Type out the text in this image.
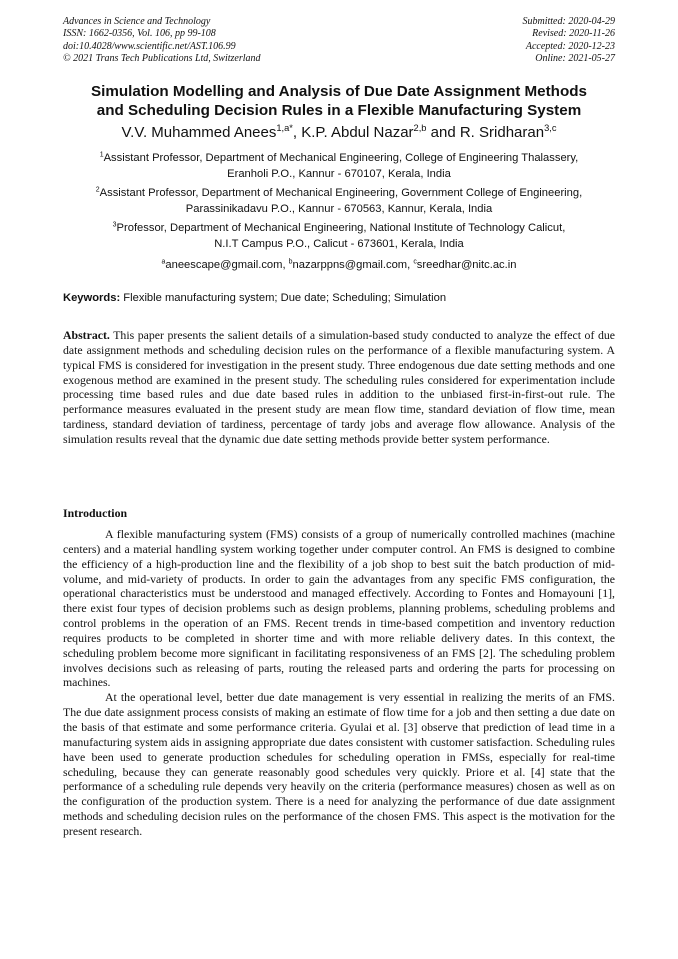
Advances in Science and Technology
ISSN: 1662-0356, Vol. 106, pp 99-108
doi:10.4028/www.scientific.net/AST.106.99
© 2021 Trans Tech Publications Ltd, Switzerland
Submitted: 2020-04-29
Revised: 2020-11-26
Accepted: 2020-12-23
Online: 2021-05-27
Simulation Modelling and Analysis of Due Date Assignment Methods
and Scheduling Decision Rules in a Flexible Manufacturing System
V.V. Muhammed Anees$^{1,a*}$, K.P. Abdul Nazar$^{2,b}$ and R. Sridharan$^{3,c}$
$^1$Assistant Professor, Department of Mechanical Engineering, College of Engineering Thalassery,
Eranholi P.O., Kannur - 670107, Kerala, India
$^2$Assistant Professor, Department of Mechanical Engineering, Government College of Engineering,
Parassinikadavu P.O., Kannur - 670563, Kannur, Kerala, India
$^3$Professor, Department of Mechanical Engineering, National Institute of Technology Calicut,
N.I.T Campus P.O., Calicut - 673601, Kerala, India
$^a$aneescape@gmail.com, $^b$nazarppns@gmail.com, $^c$sreedhar@nitc.ac.in
Keywords: Flexible manufacturing system; Due date; Scheduling; Simulation
Abstract. This paper presents the salient details of a simulation-based study conducted to analyze the effect of due date assignment methods and scheduling decision rules on the performance of a flexible manufacturing system. A typical FMS is considered for investigation in the present study. Three endogenous due date setting methods and one exogenous method are examined in the present study. The scheduling rules considered for experimentation include processing time based rules and due date based rules in addition to the unbiased first-in-first-out rule. The performance measures evaluated in the present study are mean flow time, standard deviation of flow time, mean tardiness, standard deviation of tardiness, percentage of tardy jobs and average flow allowance. Analysis of the simulation results reveal that the dynamic due date setting methods provide better system performance.
Introduction

A flexible manufacturing system (FMS) consists of a group of numerically controlled machines (machine centers) and a material handling system working together under computer control. An FMS is designed to combine the efficiency of a high-production line and the flexibility of a job shop to best suit the batch production of mid-volume, and mid-variety of products. In order to gain the advantages from any specific FMS configuration, the operational characteristics must be understood and managed effectively. According to Fontes and Homayouni [1], there exist four types of decision problems such as design problems, planning problems, scheduling problems and control problems in the operation of an FMS. Recent trends in time-based competition and inventory reduction requires products to be completed in shorter time and with more reliable delivery dates. In this context, the scheduling problem become more significant in facilitating responsiveness of an FMS [2]. The scheduling problem involves decisions such as releasing of parts, routing the released parts and ordering the parts for processing on machines.

At the operational level, better due date management is very essential in realizing the merits of an FMS. The due date assignment process consists of making an estimate of flow time for a job and then setting a due date on the basis of that estimate and some performance criteria. Gyulai et al. [3] observe that prediction of lead time in a manufacturing system aids in assigning appropriate due dates consistent with customer satisfaction. Scheduling rules have been used to generate production schedules for scheduling operation in FMSs, especially for real-time scheduling, because they can generate reasonably good schedules very quickly. Priore et al. [4] state that the performance of a scheduling rule depends very heavily on the criteria (performance measures) chosen as well as on the configuration of the production system. There is a need for analyzing the performance of due date assignment methods and scheduling decision rules on the performance of the chosen FMS. This aspect is the motivation for the present research.
